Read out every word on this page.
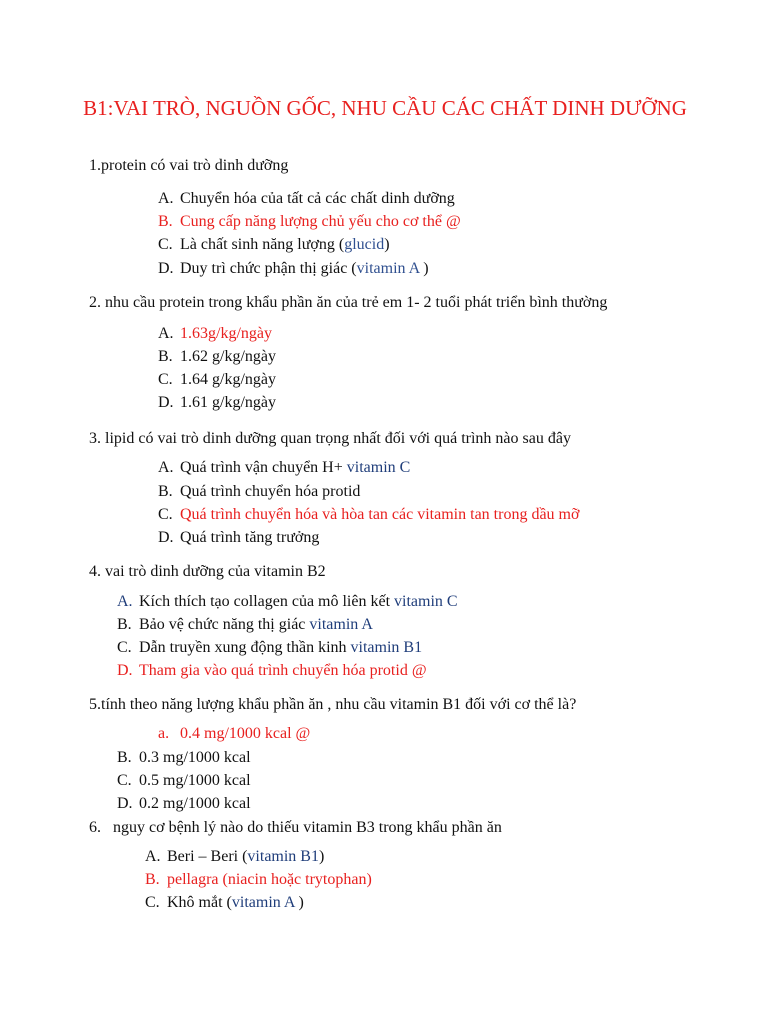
B1:VAI TRÒ, NGUỒN GỐC, NHU CẦU CÁC CHẤT DINH DƯỠNG
1.protein có vai trò dinh dưỡng
A. Chuyển hóa của tất cả các chất dinh dưỡng
B. Cung cấp năng lượng chủ yếu cho cơ thể @
C. Là chất sinh năng lượng (glucid)
D. Duy trì chức phận thị giác (vitamin A )
2. nhu cầu protein trong khẩu phần ăn của trẻ em 1- 2 tuổi phát triển bình thường
A. 1.63g/kg/ngày
B. 1.62 g/kg/ngày
C. 1.64 g/kg/ngày
D. 1.61 g/kg/ngày
3. lipid có vai trò dinh dưỡng quan trọng nhất đối với quá trình nào sau đây
A. Quá trình vận chuyển H+ vitamin C
B. Quá trình chuyển hóa protid
C. Quá trình chuyển hóa và hòa tan các vitamin tan trong dầu mỡ
D. Quá trình tăng trưởng
4. vai trò dinh dưỡng của vitamin B2
A. Kích thích tạo collagen của mô liên kết vitamin C
B. Bảo vệ chức năng thị giác vitamin A
C. Dẫn truyền xung động thần kinh vitamin B1
D. Tham gia vào quá trình chuyển hóa protid @
5.tính theo năng lượng khẩu phần ăn , nhu cầu vitamin B1 đối với cơ thể là?
a. 0.4 mg/1000 kcal @
B. 0.3 mg/1000 kcal
C. 0.5 mg/1000 kcal
D. 0.2 mg/1000 kcal
6.   nguy cơ bệnh lý nào do thiếu vitamin B3 trong khẩu phần ăn
A. Beri – Beri (vitamin B1)
B. pellagra (niacin hoặc trytophan)
C. Khô mắt (vitamin A )
